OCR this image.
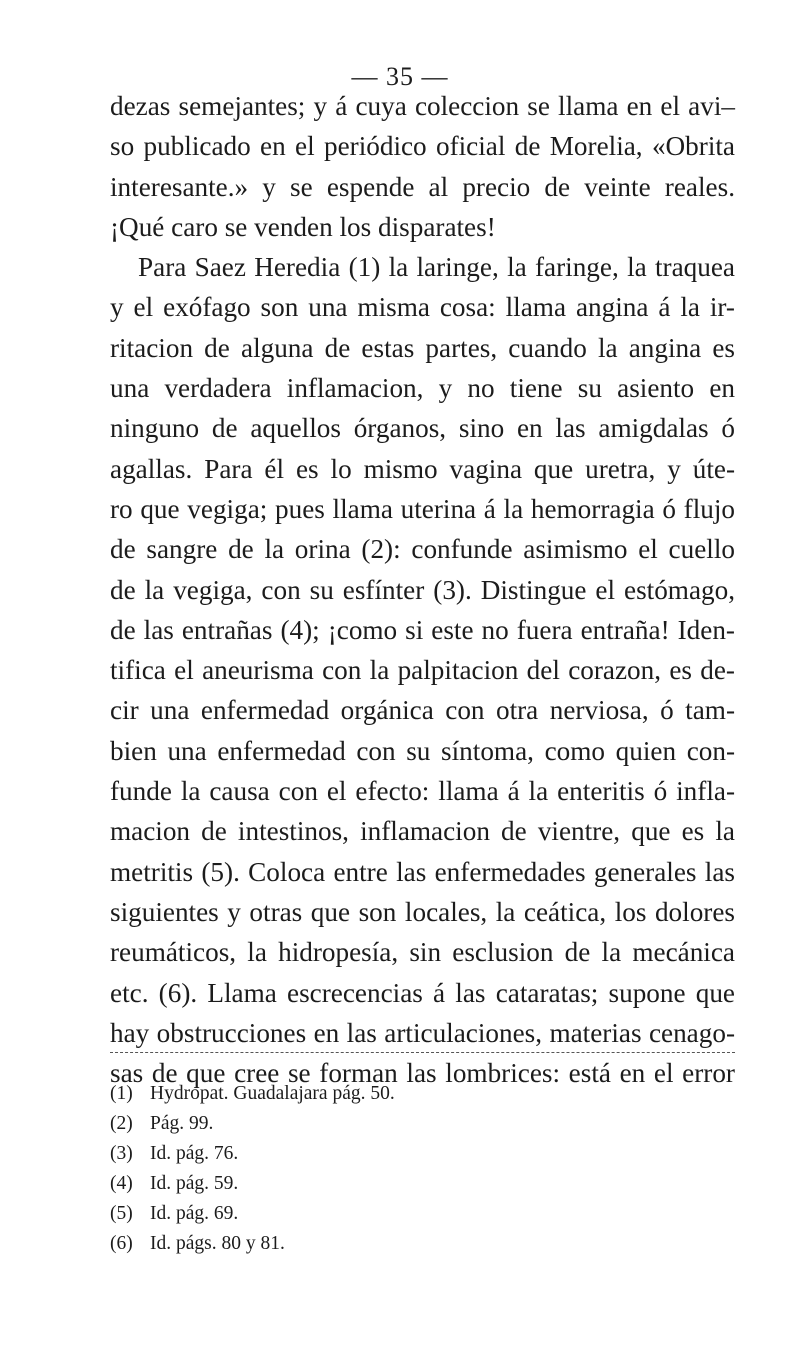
— 35 —
dezas semejantes; y á cuya coleccion se llama en el avi–
so publicado en el periódico oficial de Morelia, «Obrita
interesante.» y se espende al precio de veinte reales.
¡Qué caro se venden los disparates!
Para Saez Heredia (1) la laringe, la faringe, la traquea
y el exófago son una misma cosa: llama angina á la ir-
ritacion de alguna de estas partes, cuando la angina es
una verdadera inflamacion, y no tiene su asiento en
ninguno de aquellos órganos, sino en las amigdalas ó
agallas. Para él es lo mismo vagina que uretra, y úte-
ro que vegiga; pues llama uterina á la hemorragia ó flujo
de sangre de la orina (2): confunde asimismo el cuello
de la vegiga, con su esfínter (3). Distingue el estómago,
de las entrañas (4); ¡como si este no fuera entraña! Iden-
tifica el aneurisma con la palpitacion del corazon, es de-
cir una enfermedad orgánica con otra nerviosa, ó tam-
bien una enfermedad con su síntoma, como quien con-
funde la causa con el efecto: llama á la enteritis ó infla-
macion de intestinos, inflamacion de vientre, que es la
metritis (5). Coloca entre las enfermedades generales las
siguientes y otras que son locales, la ceática, los dolores
reumáticos, la hidropesía, sin esclusion de la mecánica
etc. (6). Llama escrecencias á las cataratas; supone que
hay obstrucciones en las articulaciones, materias cenago-
sas de que cree se forman las lombrices: está en el error
(1) Hydropat. Guadalajara pág. 50.
(2) Pág. 99.
(3) Id. pág. 76.
(4) Id. pág. 59.
(5) Id. pág. 69.
(6) Id. págs. 80 y 81.
